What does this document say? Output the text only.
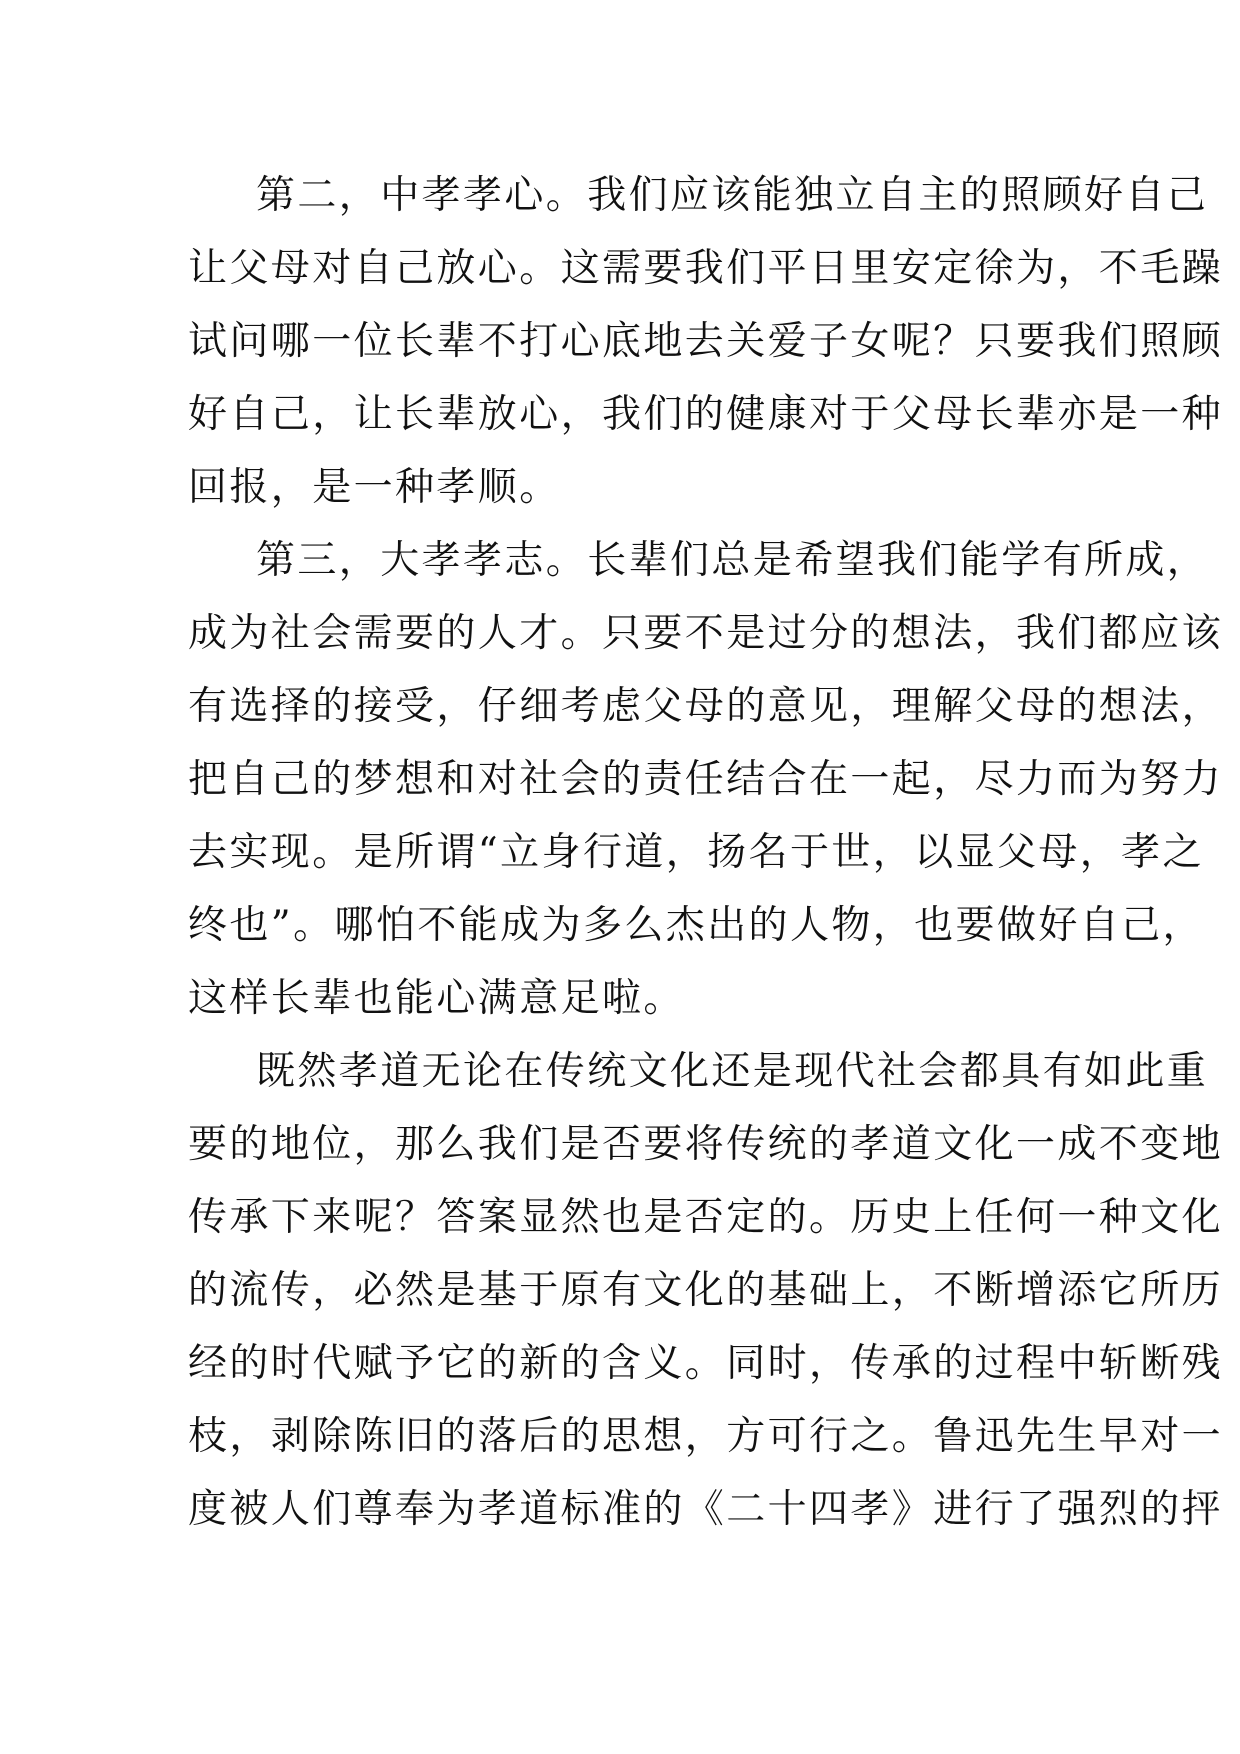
第二，中孝孝心。我们应该能独立自主的照顾好自己

让父母对自己放心。这需要我们平日里安定徐为，不毛躁

试问哪一位长辈不打心底地去关爱子女呢？只要我们照顾

好自己，让长辈放心，我们的健康对于父母长辈亦是一种

回报，是一种孝顺。

第三，大孝孝志。长辈们总是希望我们能学有所成，

成为社会需要的人才。只要不是过分的想法，我们都应该

有选择的接受，仔细考虑父母的意见，理解父母的想法，

把自己的梦想和对社会的责任结合在一起，尽力而为努力

去实现。是所谓“立身行道，扬名于世，以显父母，孝之

终也”。哪怕不能成为多么杰出的人物，也要做好自己，

这样长辈也能心满意足啦。

既然孝道无论在传统文化还是现代社会都具有如此重

要的地位，那么我们是否要将传统的孝道文化一成不变地

传承下来呢？答案显然也是否定的。历史上任何一种文化

的流传，必然是基于原有文化的基础上，不断增添它所历

经的时代赋予它的新的含义。同时，传承的过程中斩断残

枝，剥除陈旧的落后的思想，方可行之。鲁迅先生早对一

度被人们尊奉为孝道标准的《二十四孝》进行了强烈的抨
